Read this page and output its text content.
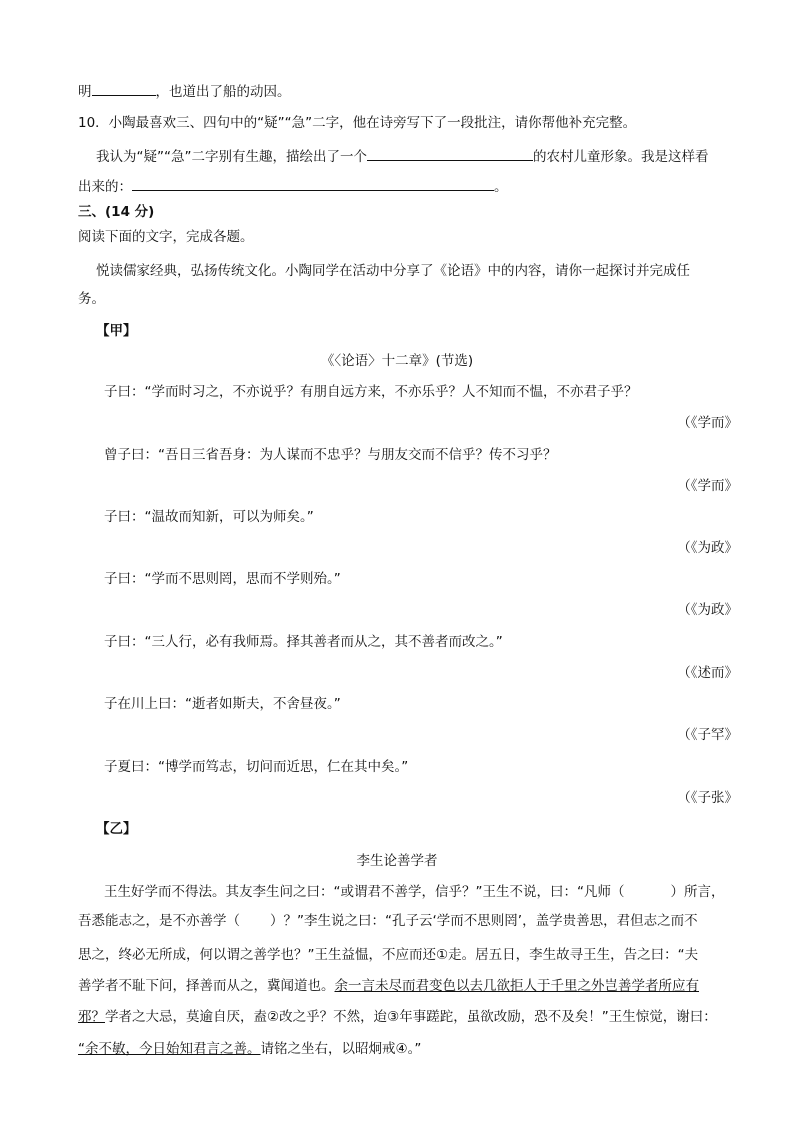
明	，也道出了船的动因。
10．小陶最喜欢三、四句中的“疑”“急”二字，他在诗旁写下了一段批注，请你帮他补充完整。
我认为“疑”“急”二字别有生趣，描绘出了一个	的农村儿童形象。我是这样看
出来的：	。
三、(14 分)
阅读下面的文字，完成各题。
悦读儒家经典，弘扬传统文化。小陶同学在活动中分享了《论语》中的内容，请你一起探讨并完成任
务。
【甲】
《〈论语〉十二章》(节选)
子曰：“学而时习之，不亦说乎？有朋自远方来，不亦乐乎？人不知而不愠，不亦君子乎？
（《学而》
曾子曰：“吾日三省吾身：为人谋而不忠乎？与朋友交而不信乎？传不习乎？
（《学而》
子曰：“温故而知新，可以为师矣。”
（《为政》
子曰：“学而不思则罔，思而不学则殆。”
（《为政》
子曰：“三人行，必有我师焉。择其善者而从之，其不善者而改之。”
（《述而》
子在川上曰：“逝者如斯夫，不舍昼夜。”
（《子罕》
子夏曰：“博学而笃志，切问而近思，仁在其中矣。”
（《子张》
【乙】
李生论善学者
王生好学而不得法。其友李生问之曰：“或谓君不善学，信乎？”王生不说，曰：“凡师（	）所言，
吾悉能志之，是不亦善学（ ）？”李生说之曰：“孔子云‘学而不思则罔’，盖学贵善思，君但志之而不
思之，终必无所成，何以谓之善学也？”王生益愠，不应而还①走。居五日，李生故寻王生，告之曰：“夫
善学者不耻下问，择善而从之，冀闻道也。余一言未尽而君变色以去几欲拒人于千里之外岂善学者所应有
邪？学者之大忌，莫逾自厌，盍②改之乎？不然，迨③年事蹉跎，虽欲改励，恐不及矣！”王生惊觉，谢曰：
“余不敏，今日始知君言之善。请铭之坐右，以昭炯戒④。”
